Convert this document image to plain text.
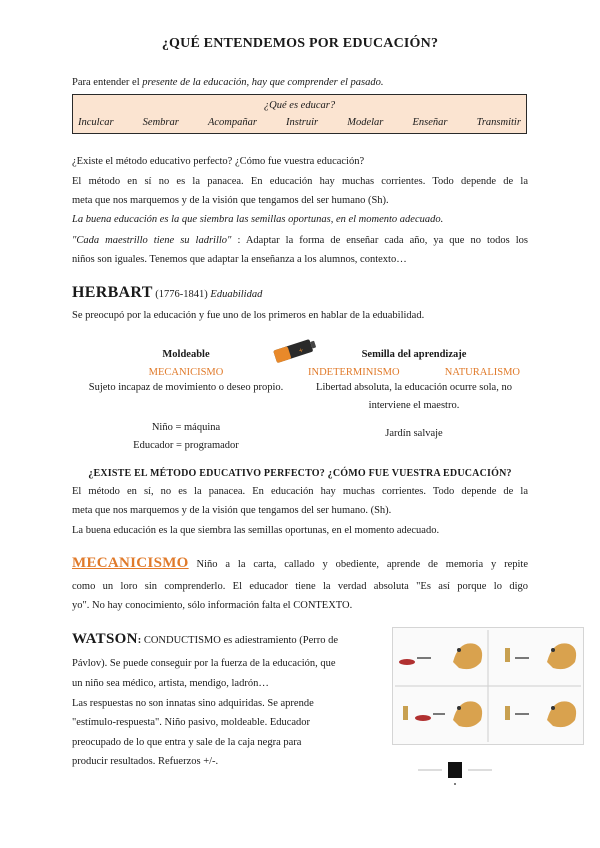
¿QUÉ ENTENDEMOS POR EDUCACIÓN?
Para entender el presente de la educación, hay que comprender el pasado.
¿Qué es educar?
Inculcar	Sembrar	Acompañar	Instruir	Modelar	Enseñar	Transmitir
¿Existe el método educativo perfecto? ¿Cómo fue vuestra educación?
El método en sí no es la panacea. En educación hay muchas corrientes. Todo depende de la
meta que nos marquemos y de la visión que tengamos del ser humano (Sh).
La buena educación es la que siembra las semillas oportunas, en el momento adecuado.
"Cada maestrillo tiene su ladrillo" : Adaptar la forma de enseñar cada año, ya que no todos los
niños son iguales. Tenemos que adaptar la enseñanza a los alumnos, contexto…
HERBART (1776-1841) Eduabilidad
Se preocupó por la educación y fue uno de los primeros en hablar de la eduabilidad.
+
Moldeable
MECANICISMO
Sujeto incapaz de movimiento o deseo propio.
Niño = máquina
Educador = programador
Semilla del aprendizaje
INDETERMINISMO	NATURALISMO
Libertad absoluta, la educación ocurre sola, no
interviene el maestro.
Jardín salvaje
¿EXISTE EL MÉTODO EDUCATIVO PERFECTO? ¿CÓMO FUE VUESTRA EDUCACIÓN?
El método en sí, no es la panacea. En educación hay muchas corrientes. Todo depende de la
meta que nos marquemos y de la visión que tengamos del ser humano. (Sh).
La buena educación es la que siembra las semillas oportunas, en el momento adecuado.
MECANICISMO Niño a la carta, callado y obediente, aprende de memoria y repite
como un loro sin comprenderlo. El educador tiene la verdad absoluta "Es así porque lo digo
yo". No hay conocimiento, sólo información falta el CONTEXTO.
WATSON: CONDUCTISMO es adiestramiento (Perro de
Pávlov). Se puede conseguir por la fuerza de la educación, que
un niño sea médico, artista, mendigo, ladrón…
Las respuestas no son innatas sino adquiridas. Se aprende
"estímulo-respuesta". Niño pasivo, moldeable. Educador
preocupado de lo que entra y sale de la caja negra para
producir resultados. Refuerzos +/-.
